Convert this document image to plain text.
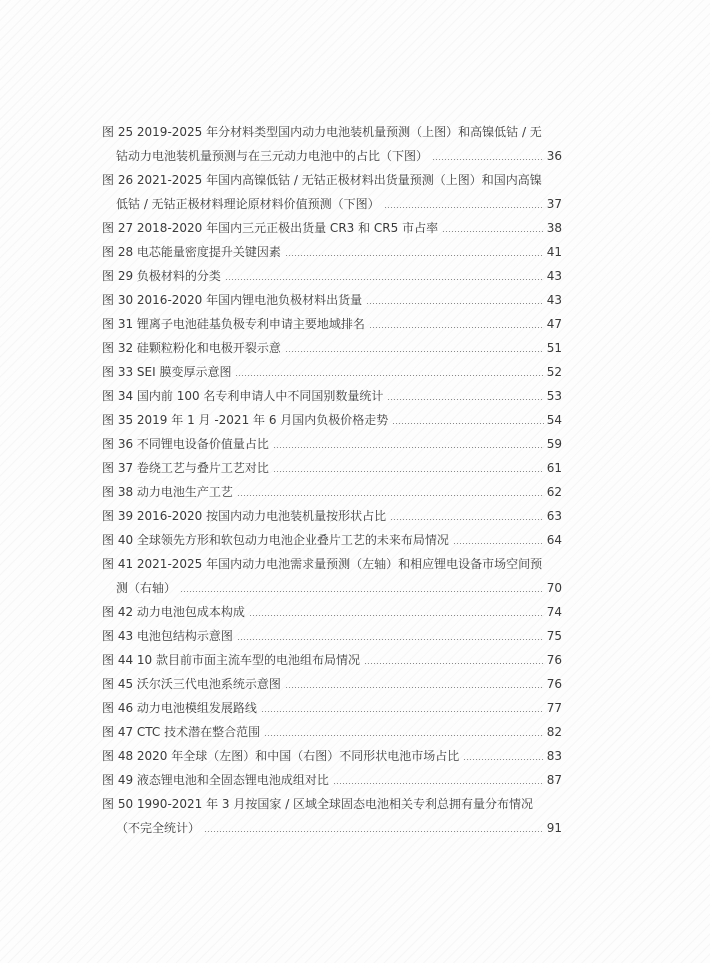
图 25 2019-2025 年分材料类型国内动力电池装机量预测（上图）和高镍低钴 / 无
钴动力电池装机量预测与在三元动力电池中的占比（下图）	36
图 26 2021-2025 年国内高镍低钴 / 无钴正极材料出货量预测（上图）和国内高镍
低钴 / 无钴正极材料理论原材料价值预测（下图）	37
图 27 2018-2020 年国内三元正极出货量 CR3 和 CR5 市占率	38
图 28 电芯能量密度提升关键因素	41
图 29 负极材料的分类	43
图 30 2016-2020 年国内锂电池负极材料出货量	43
图 31 锂离子电池硅基负极专利申请主要地域排名	47
图 32 硅颗粒粉化和电极开裂示意	51
图 33 SEI 膜变厚示意图	52
图 34 国内前 100 名专利申请人中不同国别数量统计	53
图 35 2019 年 1 月 -2021 年 6 月国内负极价格走势	54
图 36 不同锂电设备价值量占比	59
图 37 卷绕工艺与叠片工艺对比	61
图 38 动力电池生产工艺	62
图 39 2016-2020 按国内动力电池装机量按形状占比	63
图 40 全球领先方形和软包动力电池企业叠片工艺的未来布局情况	64
图 41 2021-2025 年国内动力电池需求量预测（左轴）和相应锂电设备市场空间预
测（右轴）	70
图 42 动力电池包成本构成	74
图 43 电池包结构示意图	75
图 44 10 款目前市面主流车型的电池组布局情况	76
图 45 沃尔沃三代电池系统示意图	76
图 46 动力电池模组发展路线	77
图 47 CTC 技术潜在整合范围	82
图 48 2020 年全球（左图）和中国（右图）不同形状电池市场占比	83
图 49 液态锂电池和全固态锂电池成组对比	87
图 50 1990-2021 年 3 月按国家 / 区域全球固态电池相关专利总拥有量分布情况
（不完全统计）	91
